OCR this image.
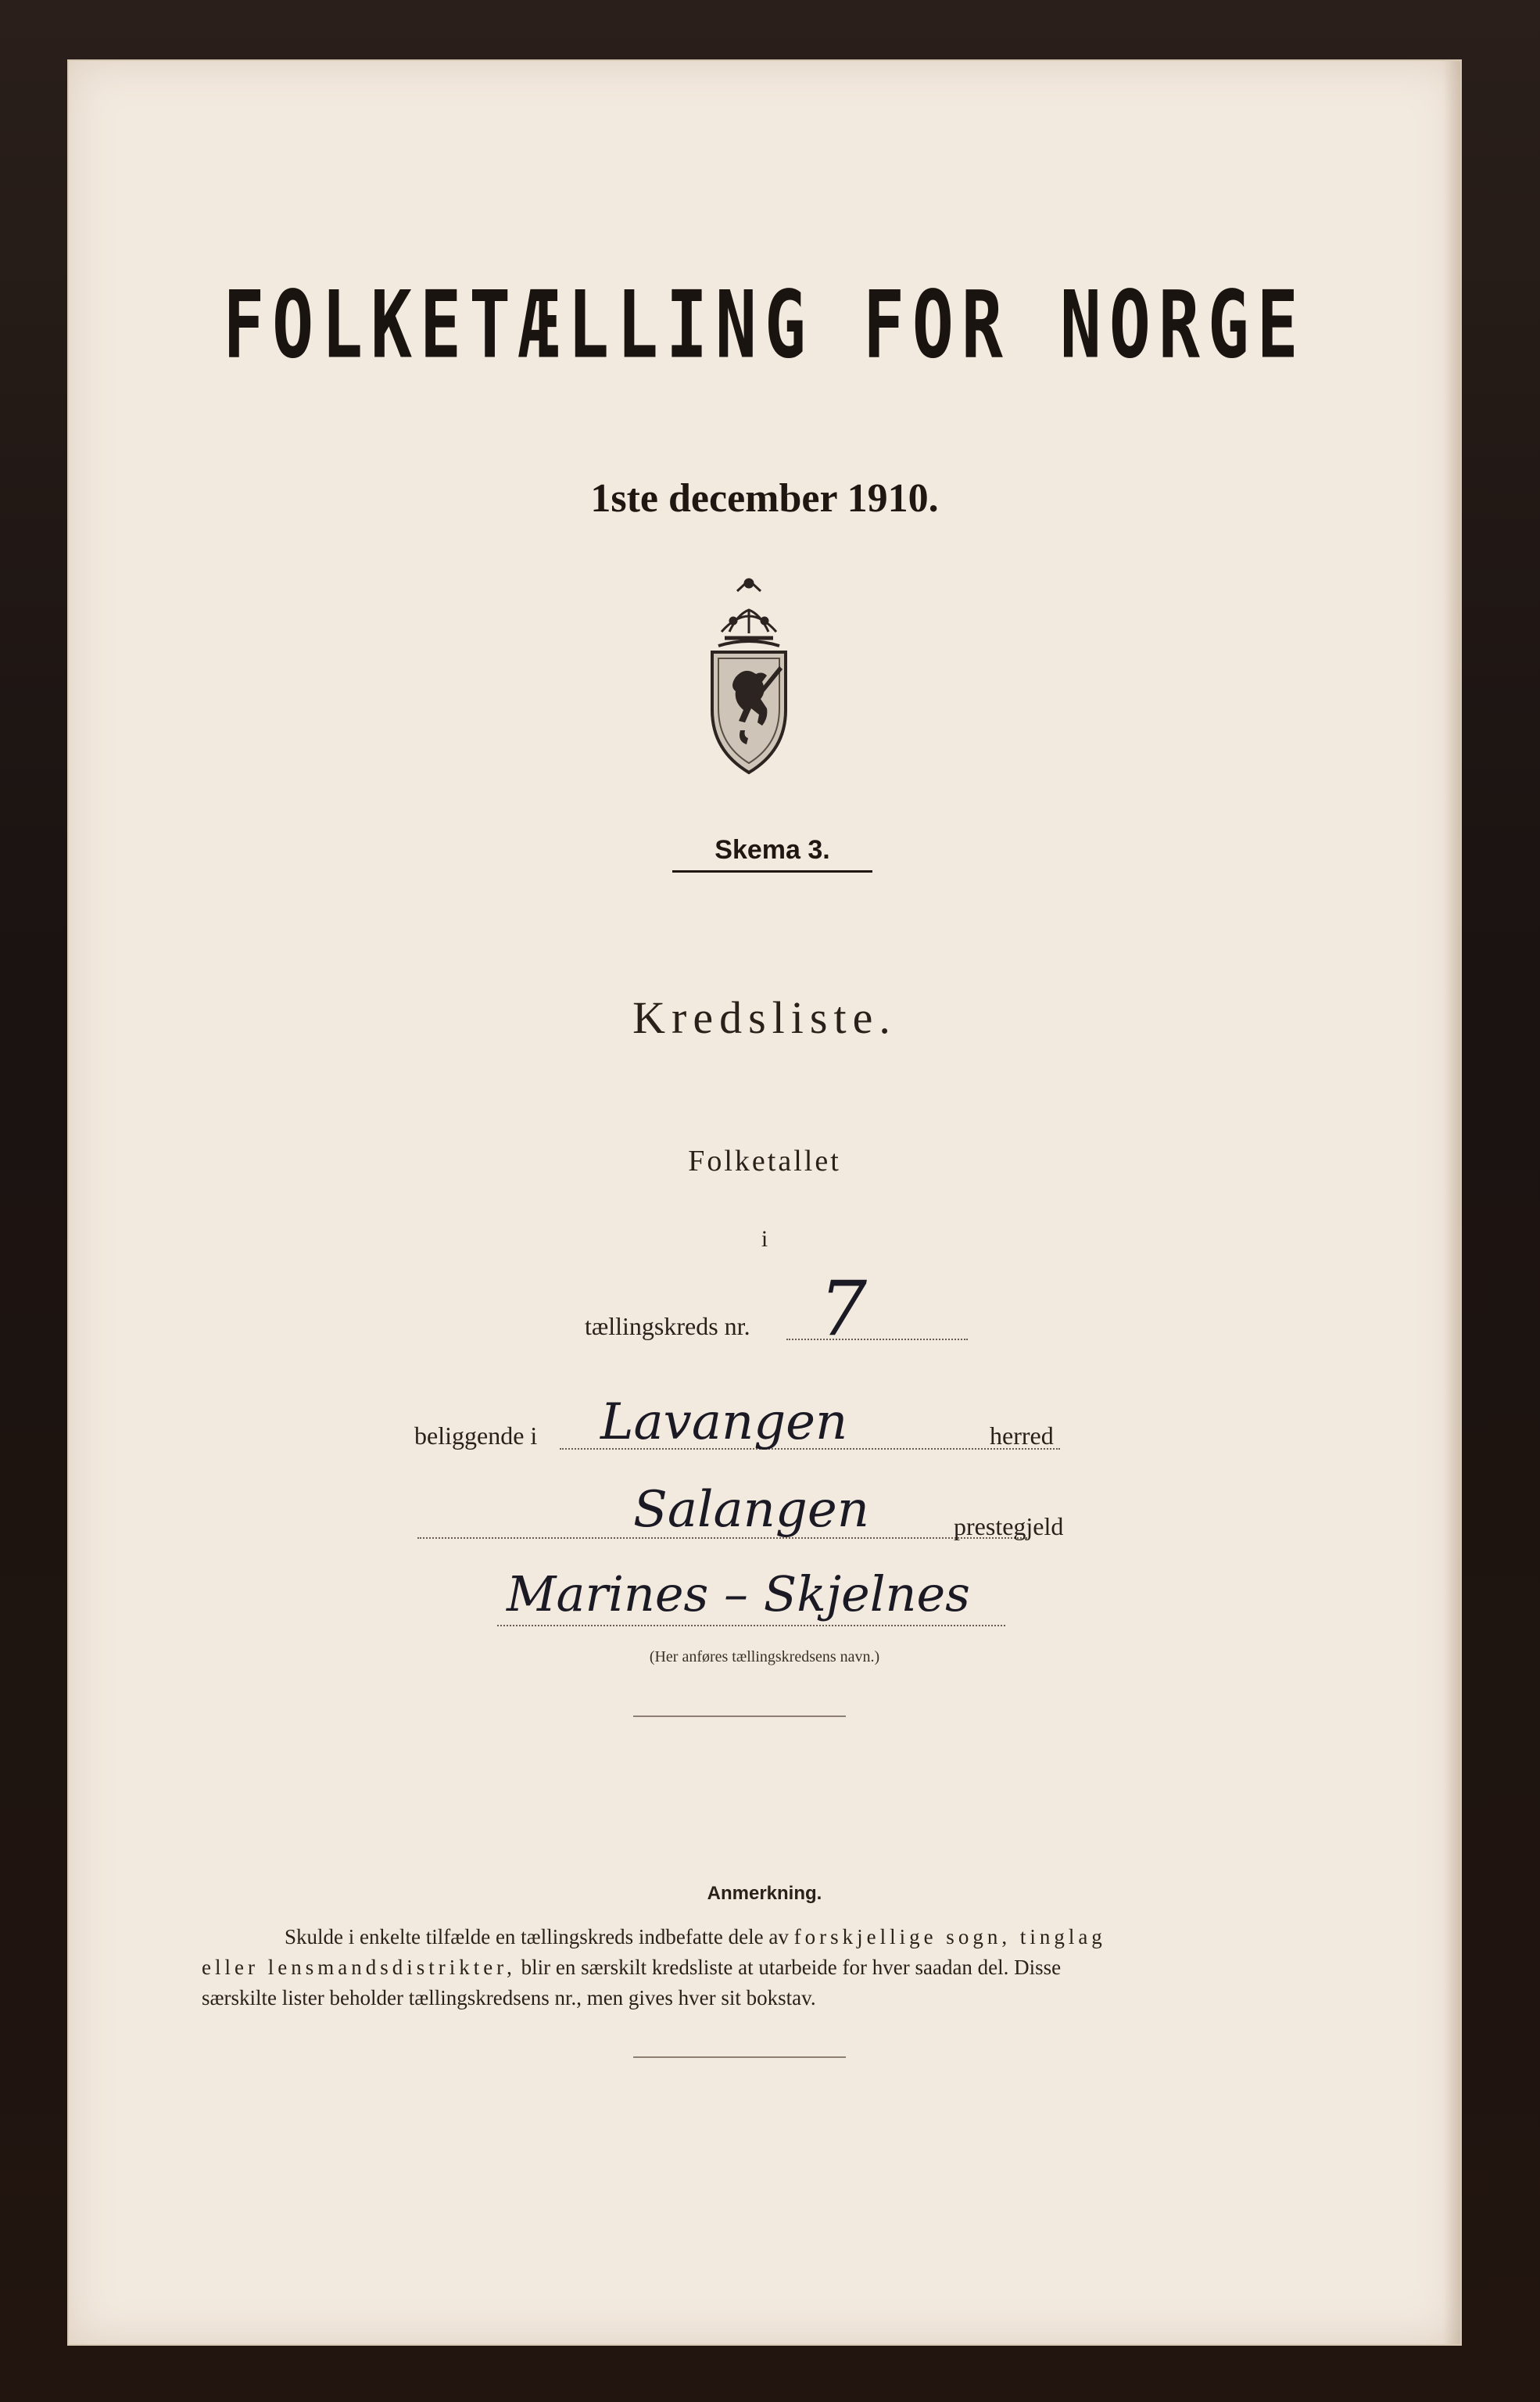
FOLKETÆLLING FOR NORGE
1ste december 1910.
Skema 3.
Kredsliste.
Folketallet
i
tællingskreds nr. 7
beliggende i Lavangen	herred
Salangen	prestegjeld
Marines – Skjelnes
(Her anføres tællingskredsens navn.)
Anmerkning.
Skulde i enkelte tilfælde en tællingskreds indbefatte dele av forskjellige sogn, tinglag
eller lensmandsdistrikter, blir en særskilt kredsliste at utarbeide for hver saadan del. Disse
særskilte lister beholder tællingskredsens nr., men gives hver sit bokstav.
